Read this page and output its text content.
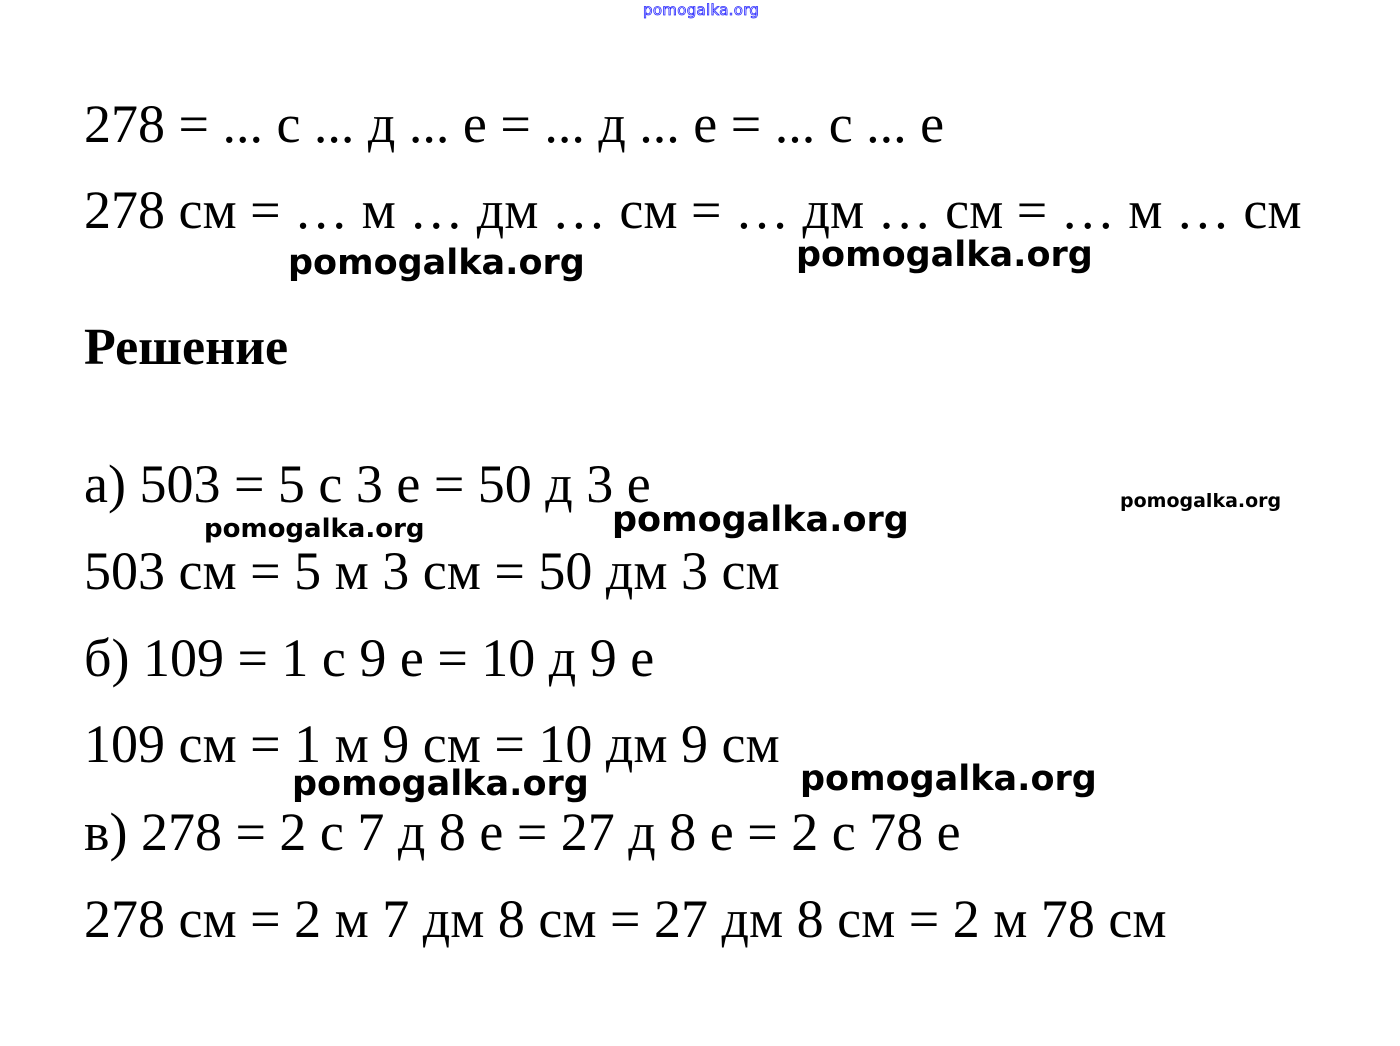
pomogalka.org

278 = ... с ... д ... е = ... д ... е = ... с ... е

278 см = … м … дм … см = … дм … см = … м … см

pomogalka.org	pomogalka.org

Решение

а) 503 = 5 с 3 е = 50 д 3 е

pomogalka.org	pomogalka.org	pomogalka.org

503 см = 5 м 3 см = 50 дм 3 см

б) 109 = 1 с 9 е = 10 д 9 е

109 см = 1 м 9 см = 10 дм 9 см

pomogalka.org	pomogalka.org

в) 278 = 2 с 7 д 8 е = 27 д 8 е = 2 с 78 е

278 см = 2 м 7 дм 8 см = 27 дм 8 см = 2 м 78 см
